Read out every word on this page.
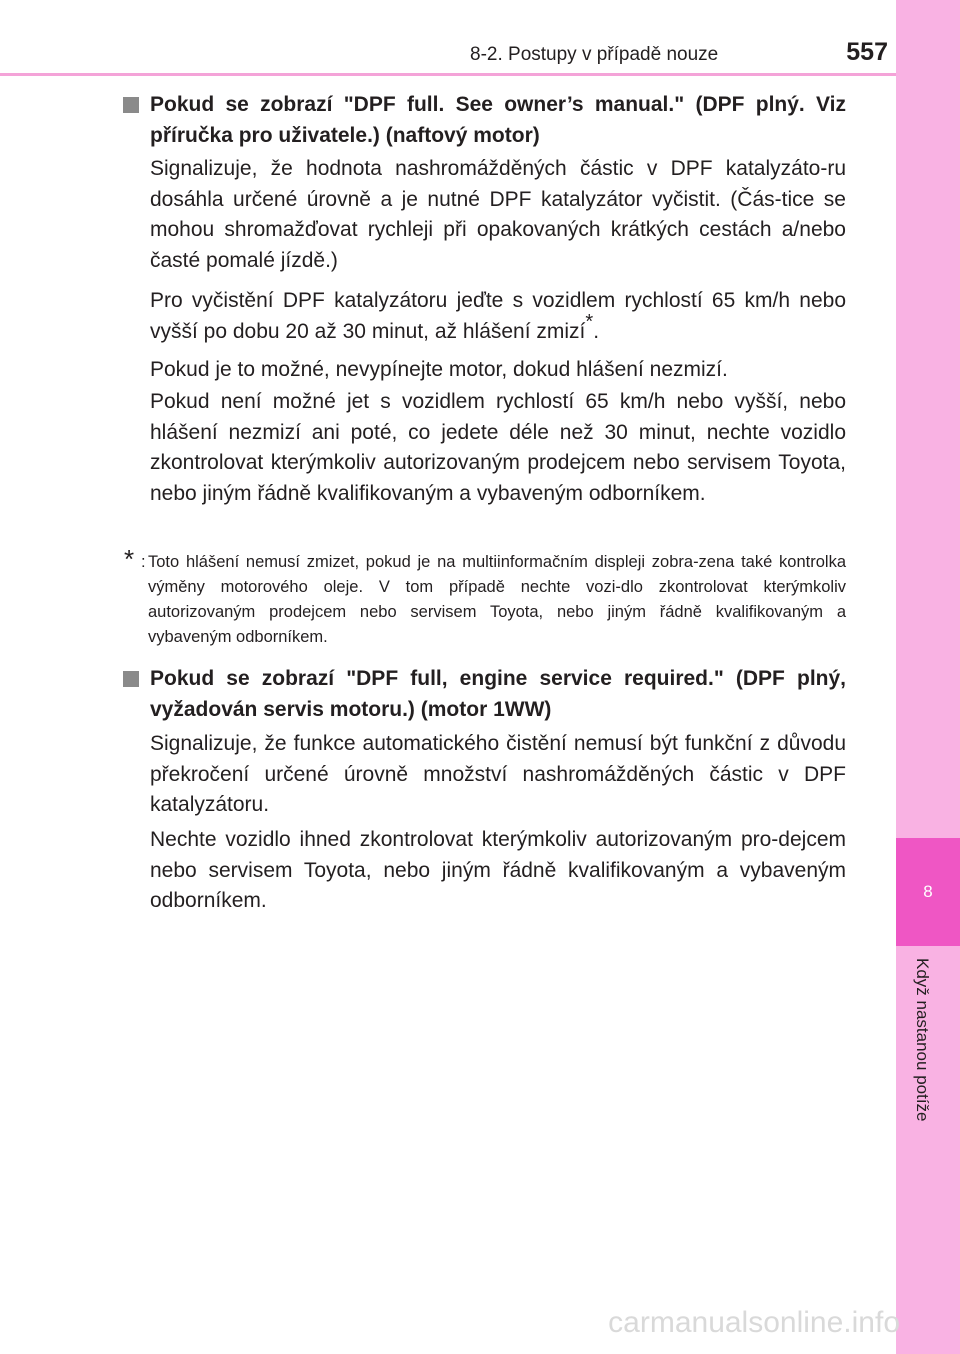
8-2. Postupy v případě nouze	557
8
Když nastanou potíže
Pokud se zobrazí "DPF full. See owner’s manual." (DPF plný. Viz příručka pro uživatele.) (naftový motor)
Signalizuje, že hodnota nashromážděných částic v DPF katalyzáto-ru dosáhla určené úrovně a je nutné DPF katalyzátor vyčistit. (Čás-tice se mohou shromažďovat rychleji při opakovaných krátkých cestách a/nebo časté pomalé jízdě.)
Pro vyčistění DPF katalyzátoru jeďte s vozidlem rychlostí 65 km/h nebo vyšší po dobu 20 až 30 minut, až hlášení zmizí*.
Pokud je to možné, nevypínejte motor, dokud hlášení nezmizí.
Pokud není možné jet s vozidlem rychlostí 65 km/h nebo vyšší, nebo hlášení nezmizí ani poté, co jedete déle než 30 minut, nechte vozidlo zkontrolovat kterýmkoliv autorizovaným prodejcem nebo servisem Toyota, nebo jiným řádně kvalifikovaným a vybaveným odborníkem.
* : Toto hlášení nemusí zmizet, pokud je na multiinformačním displeji zobra-zena také kontrolka výměny motorového oleje. V tom případě nechte vozi-dlo zkontrolovat kterýmkoliv autorizovaným prodejcem nebo servisem Toyota, nebo jiným řádně kvalifikovaným a vybaveným odborníkem.
Pokud se zobrazí "DPF full, engine service required." (DPF plný, vyžadován servis motoru.) (motor 1WW)
Signalizuje, že funkce automatického čistění nemusí být funkční z důvodu překročení určené úrovně množství nashromážděných částic v DPF katalyzátoru.
Nechte vozidlo ihned zkontrolovat kterýmkoliv autorizovaným pro-dejcem nebo servisem Toyota, nebo jiným řádně kvalifikovaným a vybaveným odborníkem.
carmanualsonline.info
